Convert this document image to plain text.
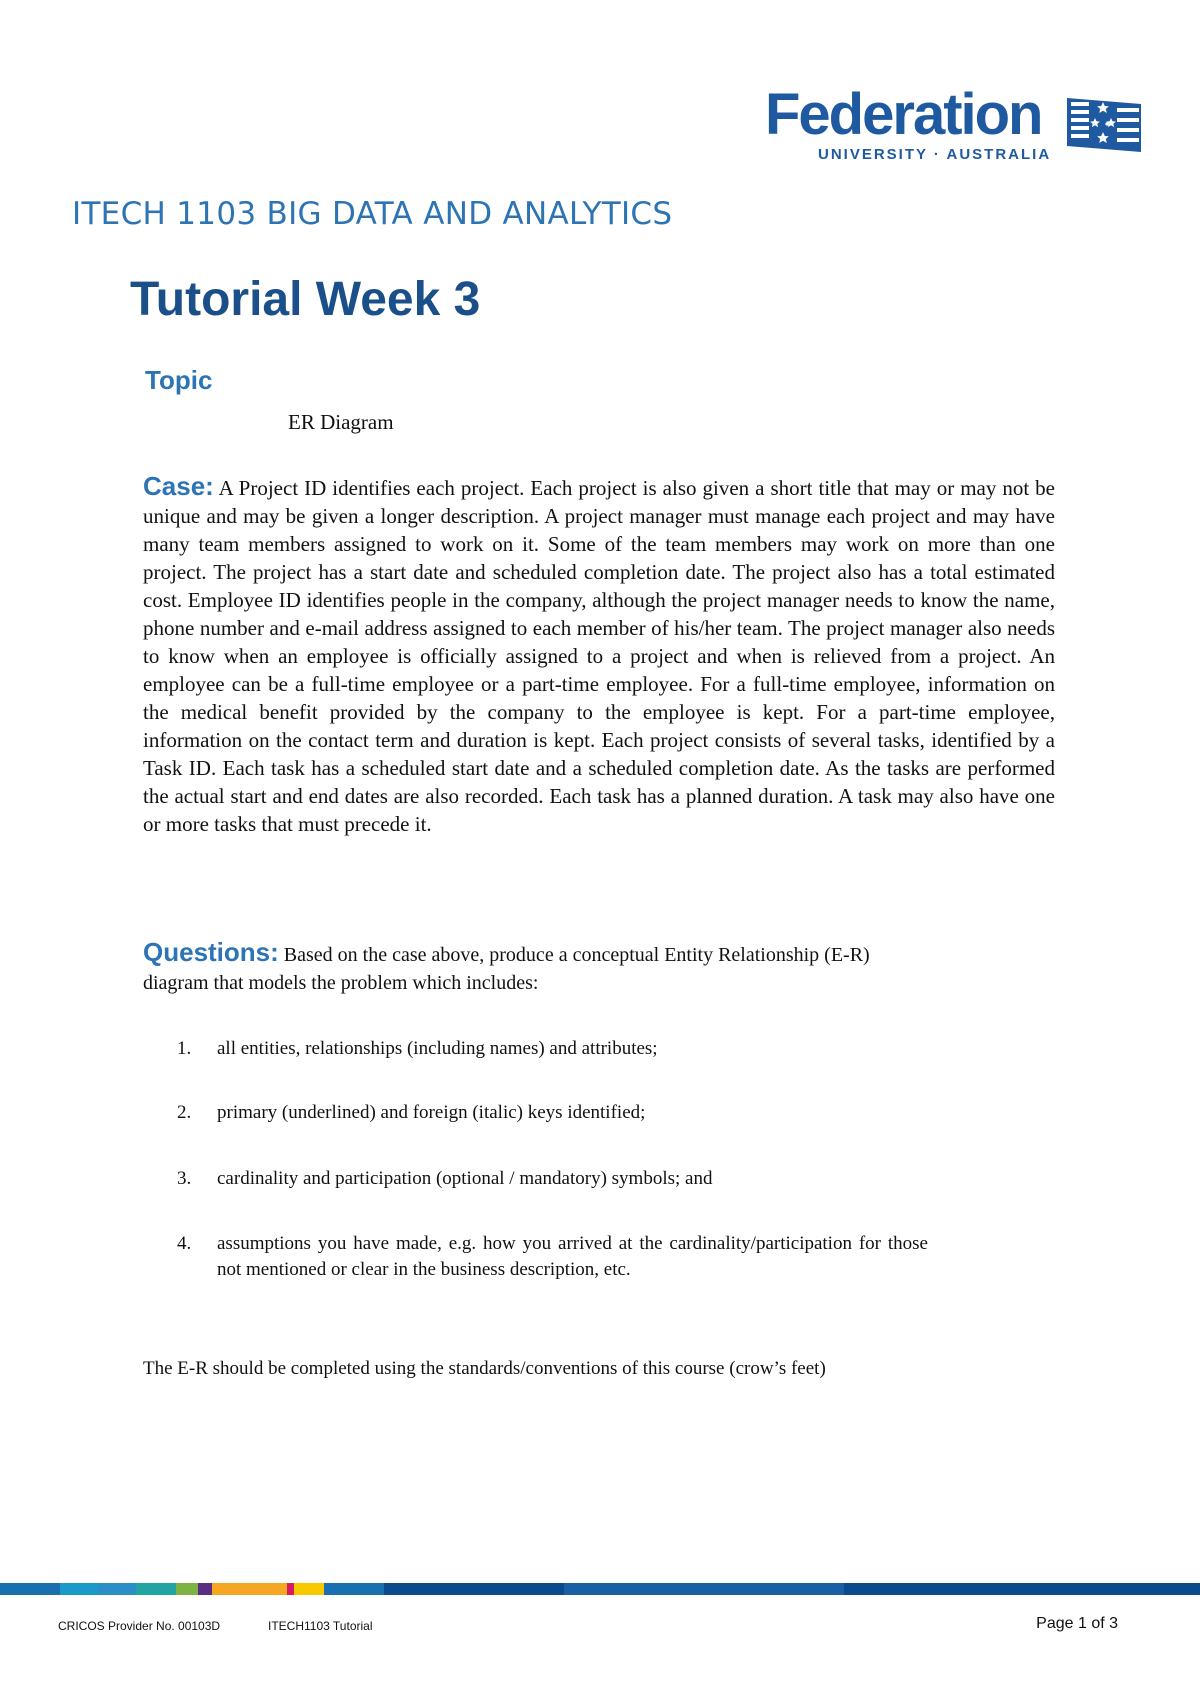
Federation
UNIVERSITY · AUSTRALIA
ITECH 1103 BIG DATA AND ANALYTICS
Tutorial Week 3
Topic
ER Diagram
Case: A Project ID identifies each project. Each project is also given a short title that may or may not be unique and may be given a longer description. A project manager must manage each project and may have many team members assigned to work on it. Some of the team members may work on more than one project. The project has a start date and scheduled completion date. The project also has a total estimated cost. Employee ID identifies people in the company, although the project manager needs to know the name, phone number and e-mail address assigned to each member of his/her team. The project manager also needs to know when an employee is officially assigned to a project and when is relieved from a project. An employee can be a full-time employee or a part-time employee. For a full-time employee, information on the medical benefit provided by the company to the employee is kept. For a part-time employee, information on the contact term and duration is kept. Each project consists of several tasks, identified by a Task ID. Each task has a scheduled start date and a scheduled completion date. As the tasks are performed the actual start and end dates are also recorded. Each task has a planned duration. A task may also have one or more tasks that must precede it.
Questions: Based on the case above, produce a conceptual Entity Relationship (E-R) diagram that models the problem which includes:
1.	all entities, relationships (including names) and attributes;
2.	primary (underlined) and foreign (italic) keys identified;
3.	cardinality and participation (optional / mandatory) symbols; and
4.	assumptions you have made, e.g. how you arrived at the cardinality/participation for those not mentioned or clear in the business description, etc.
The E-R should be completed using the standards/conventions of this course (crow’s feet)
CRICOS Provider No. 00103D	ITECH1103 Tutorial	Page 1 of 3
